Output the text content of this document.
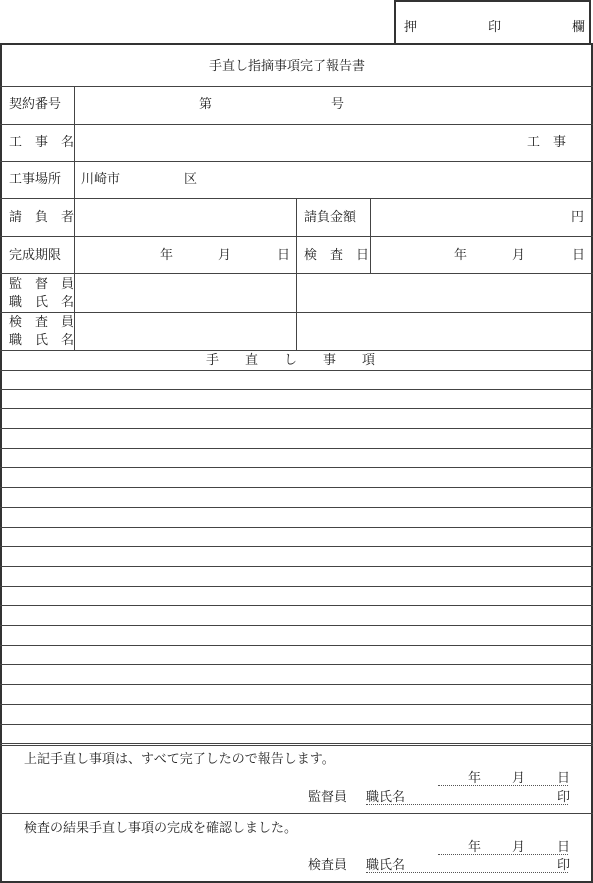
押	印	欄
手直し指摘事項完了報告書
契約番号	第	号
工　事　名	工　事
工事場所 川崎市	区
請　負　者	請負金額	円
完成期限	年	月	日 検　査　日	年	月	日
監　督　員
職　氏　名
検　査　員
職　氏　名
手　　直　　し　　事　　項
上記手直し事項は、すべて完了したので報告します。
年 月 日
監督員 職氏名	印
検査の結果手直し事項の完成を確認しました。
年 月 日
検査員 職氏名	印
